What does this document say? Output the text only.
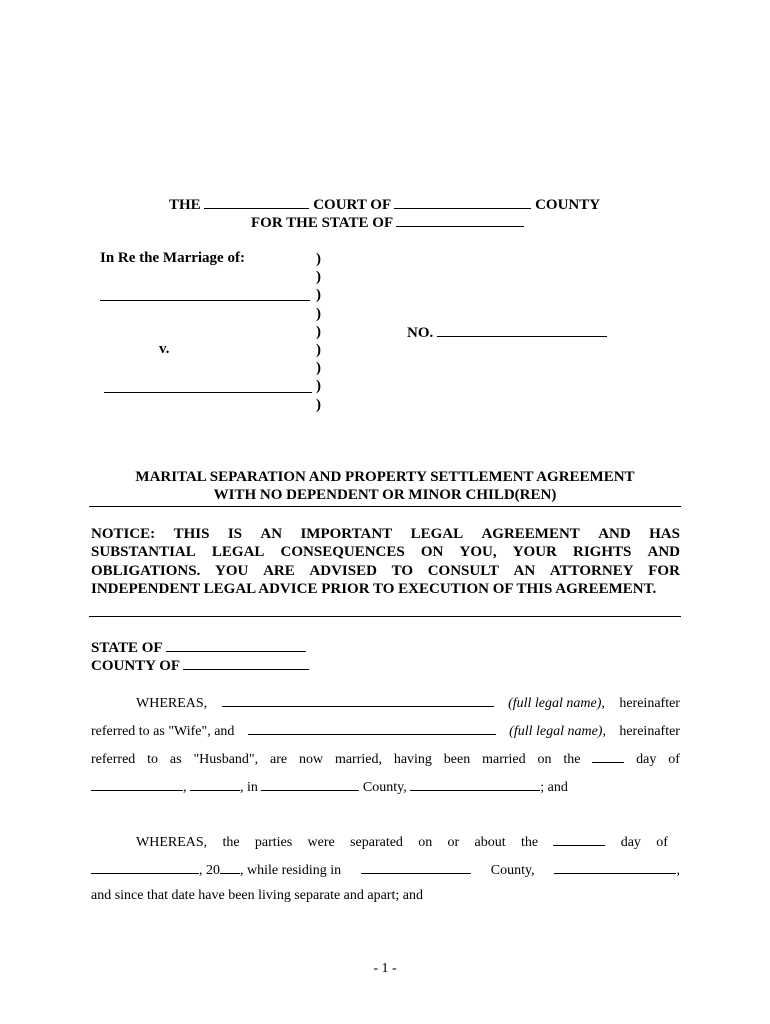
THE	COURT OF	COUNTY
FOR THE STATE OF
In Re the Marriage of:
v.
)
)
)
)
)
)
)
)
)
NO.
MARITAL SEPARATION AND PROPERTY SETTLEMENT AGREEMENT
WITH NO DEPENDENT OR MINOR CHILD(REN)
NOTICE: THIS IS AN IMPORTANT LEGAL AGREEMENT AND HAS
SUBSTANTIAL LEGAL CONSEQUENCES ON YOU, YOUR RIGHTS AND
OBLIGATIONS. YOU ARE ADVISED TO CONSULT AN ATTORNEY FOR
INDEPENDENT LEGAL ADVICE PRIOR TO EXECUTION OF THIS AGREEMENT.
STATE OF
COUNTY OF
WHEREAS,	(full legal name), hereinafter
referred to as "Wife", and	(full legal name), hereinafter
referred to as "Husband", are now married, having been married on the	day of
,	, in	County,	; and
WHEREAS, the parties were separated on or about the	day of
, 20 , while residing in	County,	,
and since that date have been living separate and apart; and
- 1 -
